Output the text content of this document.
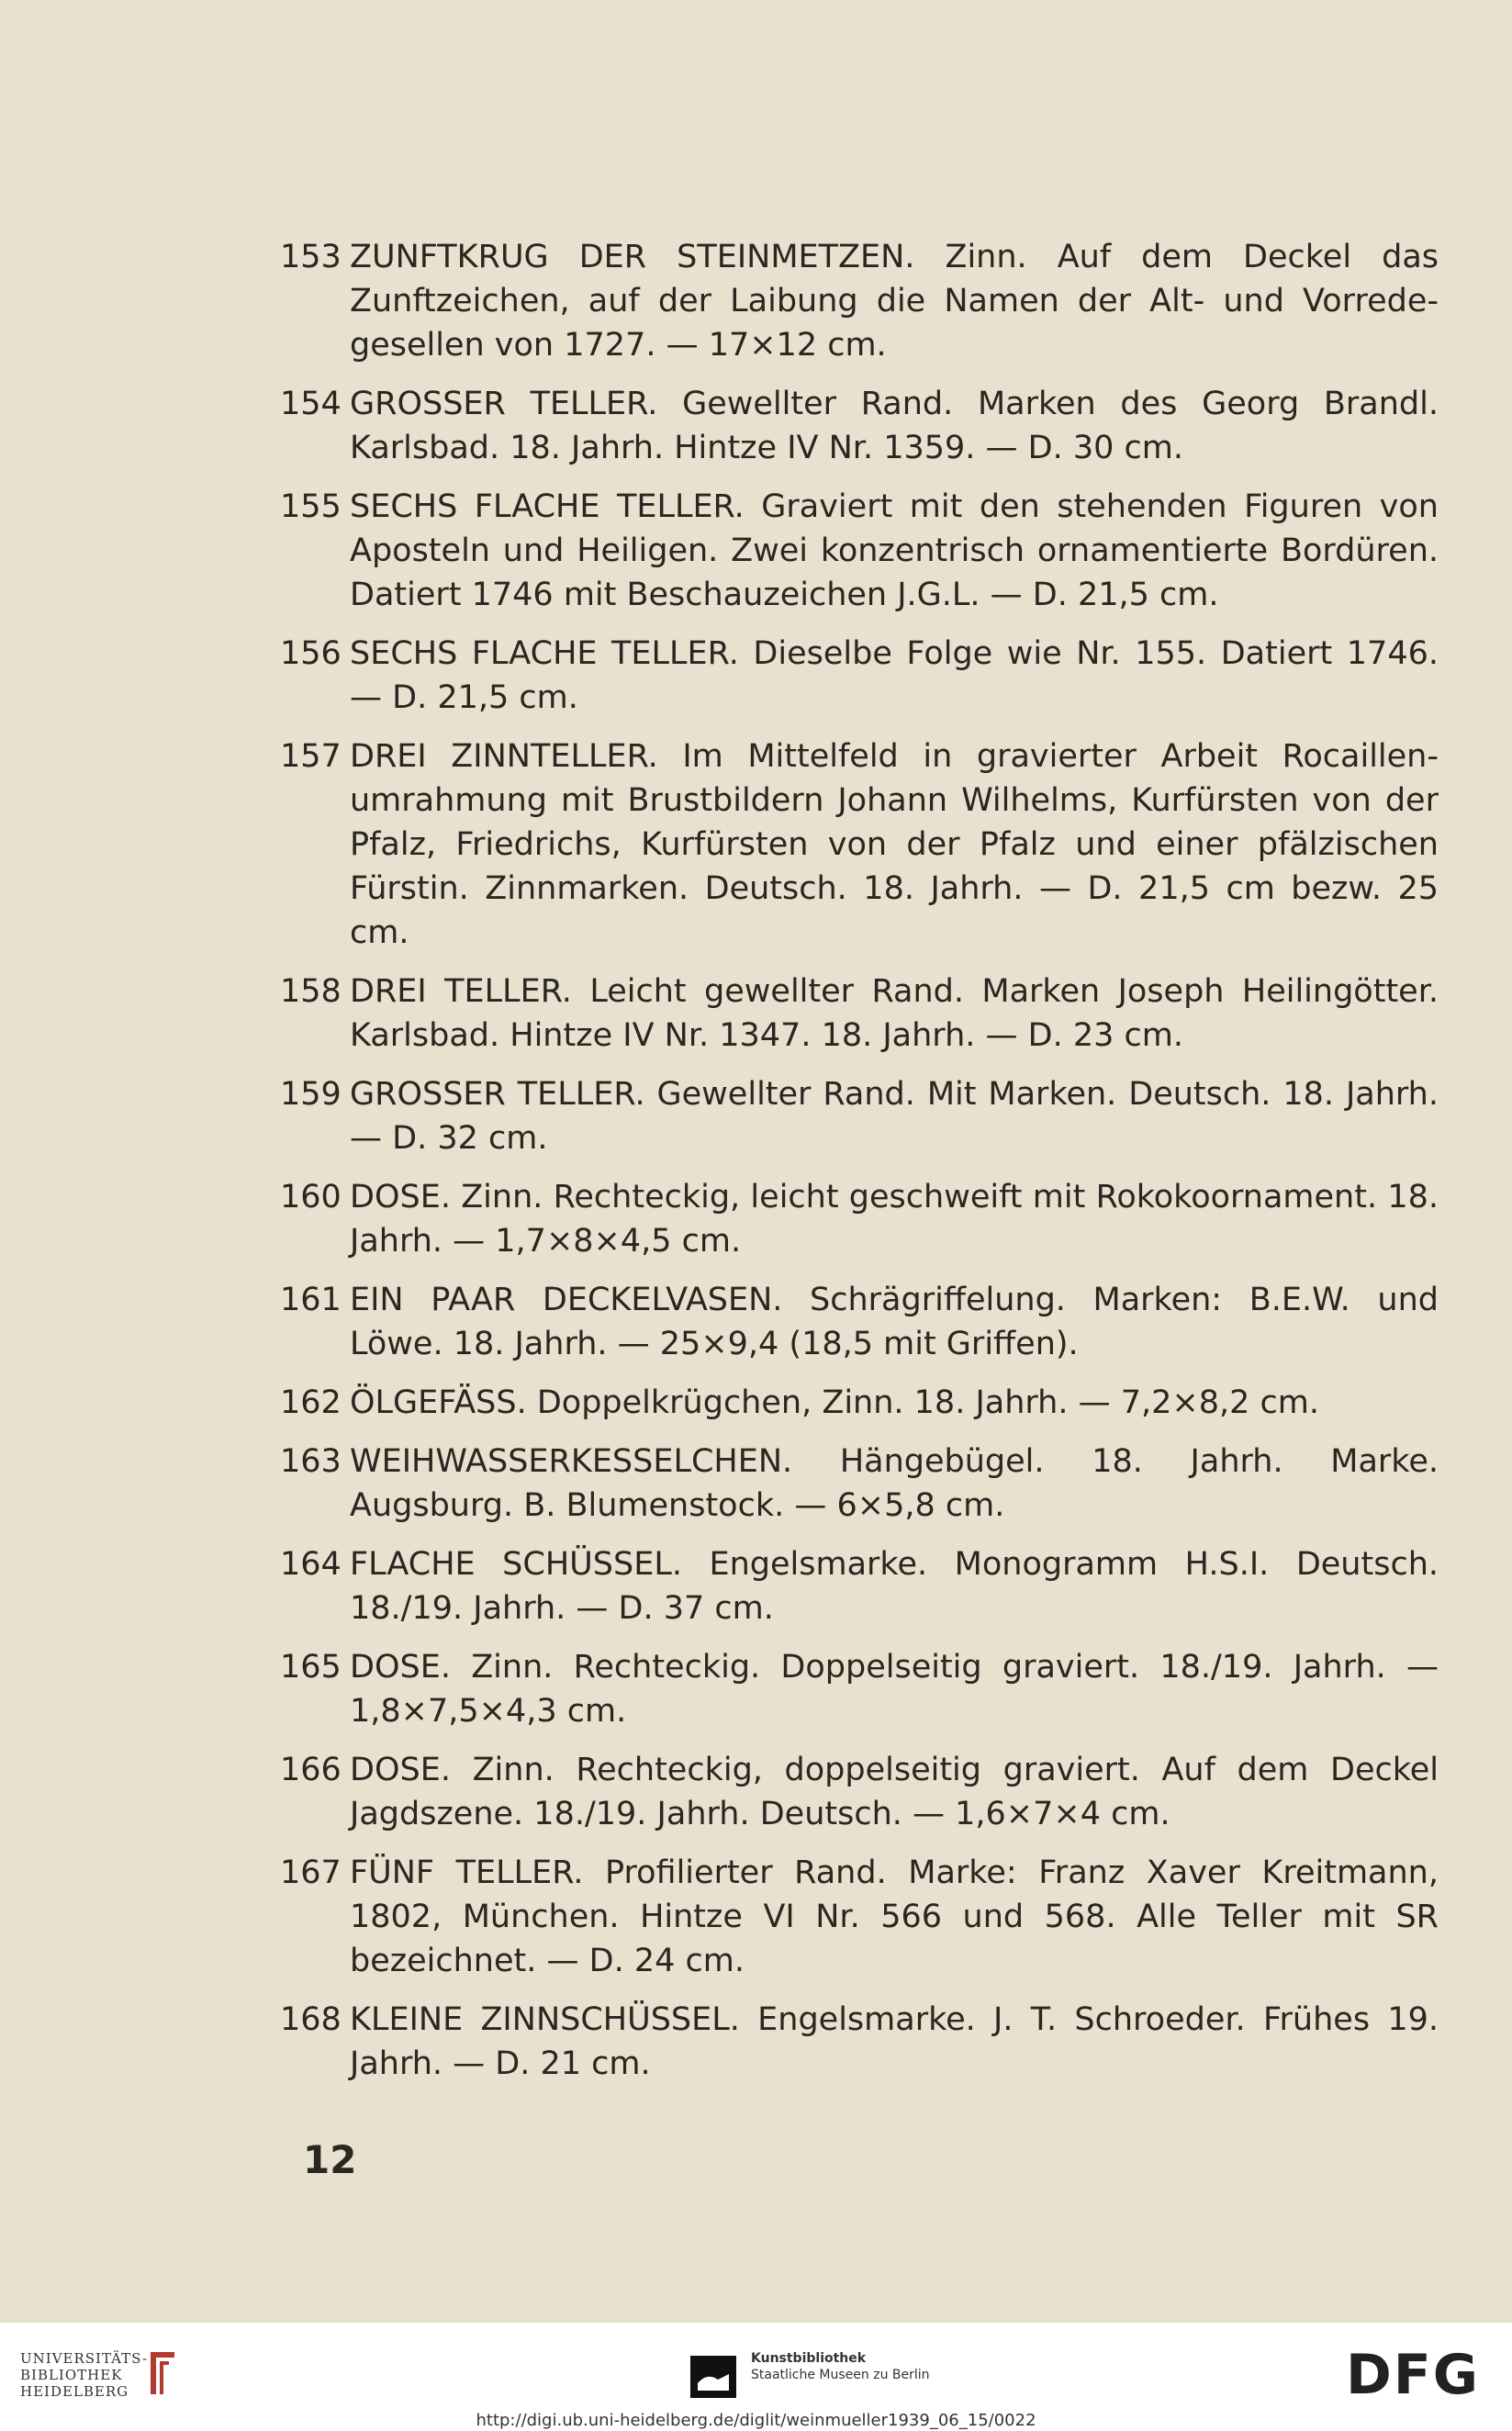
153 ZUNFTKRUG DER STEINMETZEN. Zinn. Auf dem Deckel das Zunftzeichen, auf der Laibung die Namen der Alt- und Vorrede-gesellen von 1727. — 17×12 cm.
154 GROSSER TELLER. Gewellter Rand. Marken des Georg Brandl. Karlsbad. 18. Jahrh. Hintze IV Nr. 1359. — D. 30 cm.
155 SECHS FLACHE TELLER. Graviert mit den stehenden Figuren von Aposteln und Heiligen. Zwei konzentrisch ornamentierte Bordüren. Datiert 1746 mit Beschauzeichen J.G.L. — D. 21,5 cm.
156 SECHS FLACHE TELLER. Dieselbe Folge wie Nr. 155. Datiert 1746. — D. 21,5 cm.
157 DREI ZINNTELLER. Im Mittelfeld in gravierter Arbeit Rocaillen-umrahmung mit Brustbildern Johann Wilhelms, Kurfürsten von der Pfalz, Friedrichs, Kurfürsten von der Pfalz und einer pfälzischen Fürstin. Zinnmarken. Deutsch. 18. Jahrh. — D. 21,5 cm bezw. 25 cm.
158 DREI TELLER. Leicht gewellter Rand. Marken Joseph Heilingötter. Karlsbad. Hintze IV Nr. 1347. 18. Jahrh. — D. 23 cm.
159 GROSSER TELLER. Gewellter Rand. Mit Marken. Deutsch. 18. Jahrh. — D. 32 cm.
160 DOSE. Zinn. Rechteckig, leicht geschweift mit Rokokoornament. 18. Jahrh. — 1,7×8×4,5 cm.
161 EIN PAAR DECKELVASEN. Schrägriffelung. Marken: B.E.W. und Löwe. 18. Jahrh. — 25×9,4 (18,5 mit Griffen).
162 ÖLGEFÄSS. Doppelkrügchen, Zinn. 18. Jahrh. — 7,2×8,2 cm.
163 WEIHWASSERKESSELCHEN. Hängebügel. 18. Jahrh. Marke. Augsburg. B. Blumenstock. — 6×5,8 cm.
164 FLACHE SCHÜSSEL. Engelsmarke. Monogramm H.S.I. Deutsch. 18./19. Jahrh. — D. 37 cm.
165 DOSE. Zinn. Rechteckig. Doppelseitig graviert. 18./19. Jahrh. — 1,8×7,5×4,3 cm.
166 DOSE. Zinn. Rechteckig, doppelseitig graviert. Auf dem Deckel Jagdszene. 18./19. Jahrh. Deutsch. — 1,6×7×4 cm.
167 FÜNF TELLER. Profilierter Rand. Marke: Franz Xaver Kreitmann, 1802, München. Hintze VI Nr. 566 und 568. Alle Teller mit SR bezeichnet. — D. 24 cm.
168 KLEINE ZINNSCHÜSSEL. Engelsmarke. J. T. Schroeder. Frühes 19. Jahrh. — D. 21 cm.
12
UNIVERSITÄTS-
BIBLIOTHEK
HEIDELBERG
Kunstbibliothek
Staatliche Museen zu Berlin	DFG
http://digi.ub.uni-heidelberg.de/diglit/weinmueller1939_06_15/0022
